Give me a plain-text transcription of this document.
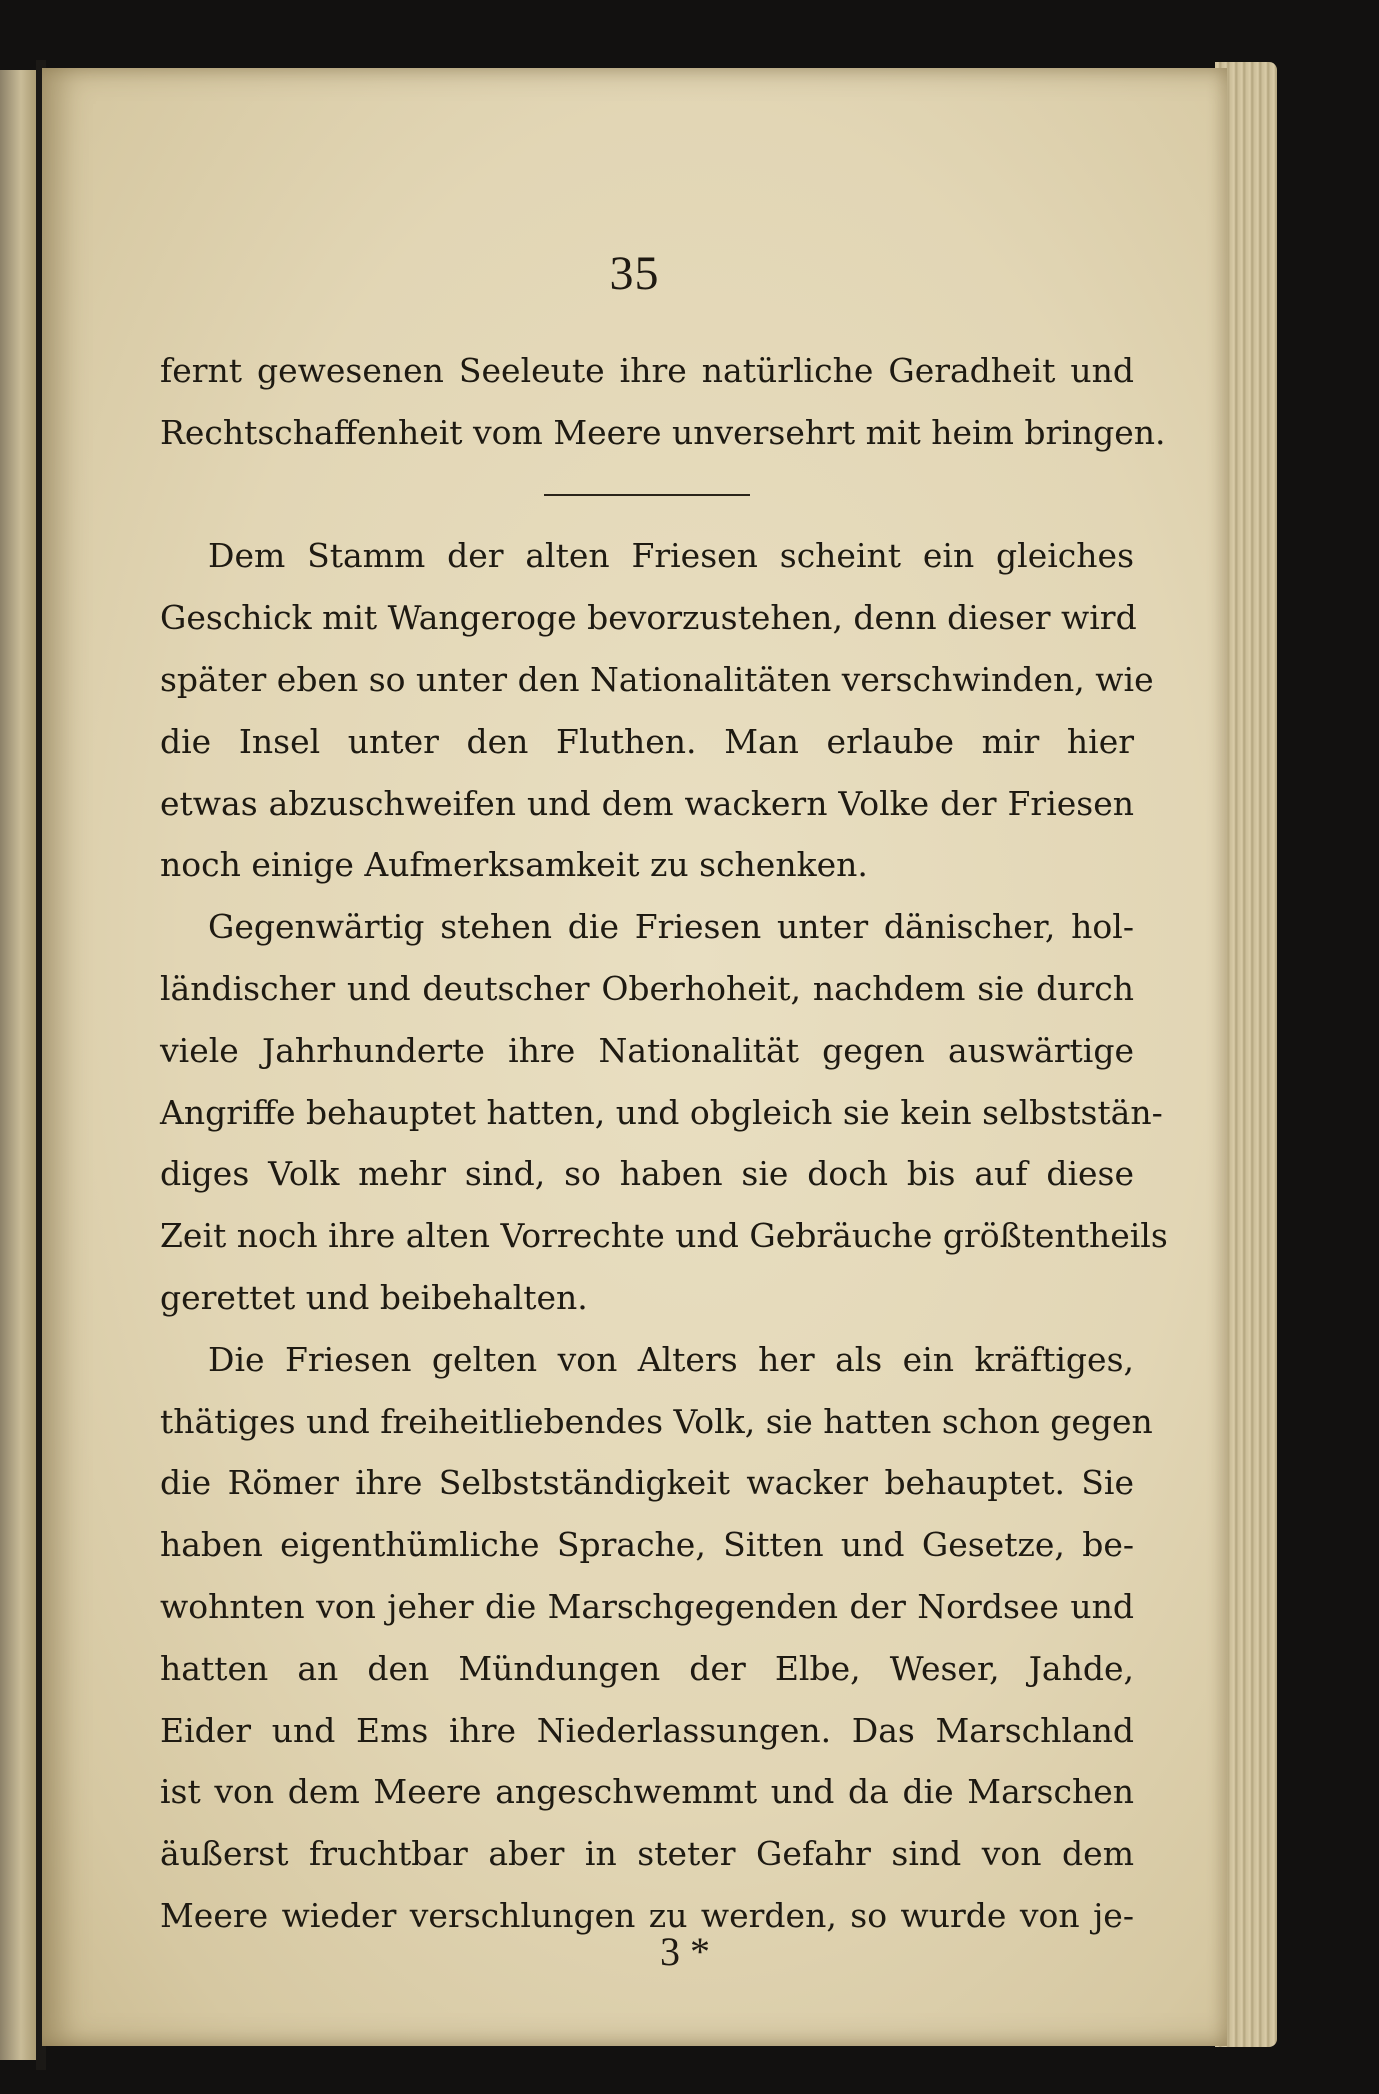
35
fernt gewesenen Seeleute ihre natürliche Geradheit und
Rechtschaffenheit vom Meere unversehrt mit heim bringen.
Dem Stamm der alten Friesen scheint ein gleiches
Geschick mit Wangeroge bevorzustehen, denn dieser wird
später eben so unter den Nationalitäten verschwinden, wie
die Insel unter den Fluthen. Man erlaube mir hier
etwas abzuschweifen und dem wackern Volke der Friesen
noch einige Aufmerksamkeit zu schenken.
Gegenwärtig stehen die Friesen unter dänischer, hol-
ländischer und deutscher Oberhoheit, nachdem sie durch
viele Jahrhunderte ihre Nationalität gegen auswärtige
Angriffe behauptet hatten, und obgleich sie kein selbststän-
diges Volk mehr sind, so haben sie doch bis auf diese
Zeit noch ihre alten Vorrechte und Gebräuche größtentheils
gerettet und beibehalten.
Die Friesen gelten von Alters her als ein kräftiges,
thätiges und freiheitliebendes Volk, sie hatten schon gegen
die Römer ihre Selbstständigkeit wacker behauptet. Sie
haben eigenthümliche Sprache, Sitten und Gesetze, be-
wohnten von jeher die Marschgegenden der Nordsee und
hatten an den Mündungen der Elbe, Weser, Jahde,
Eider und Ems ihre Niederlassungen. Das Marschland
ist von dem Meere angeschwemmt und da die Marschen
äußerst fruchtbar aber in steter Gefahr sind von dem
Meere wieder verschlungen zu werden, so wurde von je-
3 *
